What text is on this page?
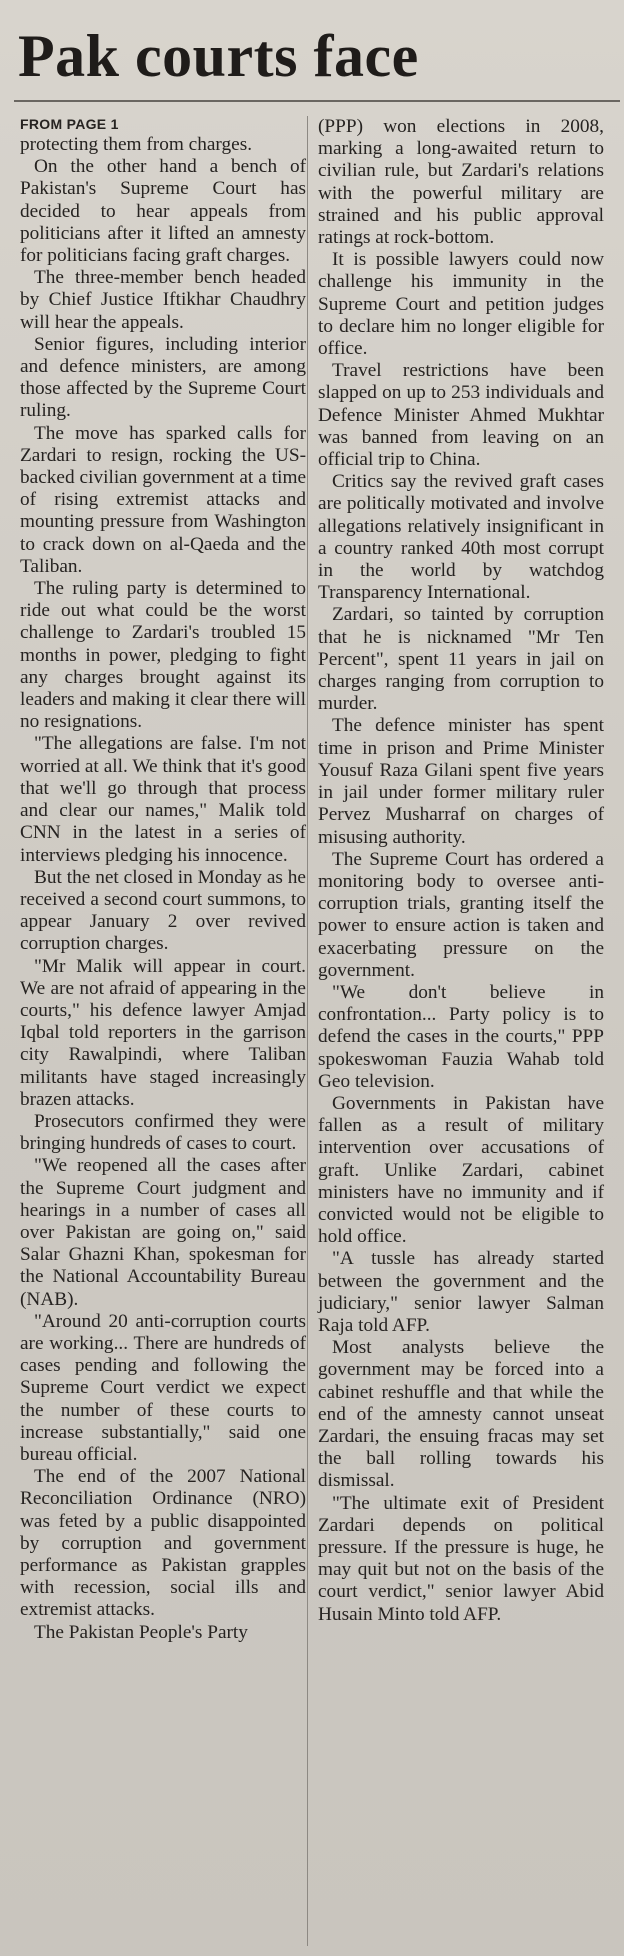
Pak courts face
FROM PAGE 1

protecting them from charges.

On the other hand a bench of Pakistan's Supreme Court has decided to hear appeals from politicians after it lifted an amnesty for politicians facing graft charges.

The three-member bench headed by Chief Justice Iftikhar Chaudhry will hear the appeals.

Senior figures, including interior and defence ministers, are among those affected by the Supreme Court ruling.

The move has sparked calls for Zardari to resign, rocking the US-backed civilian government at a time of rising extremist attacks and mounting pressure from Washington to crack down on al-Qaeda and the Taliban.

The ruling party is determined to ride out what could be the worst challenge to Zardari's troubled 15 months in power, pledging to fight any charges brought against its leaders and making it clear there will no resignations.

"The allegations are false. I'm not worried at all. We think that it's good that we'll go through that process and clear our names," Malik told CNN in the latest in a series of interviews pledging his innocence.

But the net closed in Monday as he received a second court summons, to appear January 2 over revived corruption charges.

"Mr Malik will appear in court. We are not afraid of appearing in the courts," his defence lawyer Amjad Iqbal told reporters in the garrison city Rawalpindi, where Taliban militants have staged increasingly brazen attacks.

Prosecutors confirmed they were bringing hundreds of cases to court.

"We reopened all the cases after the Supreme Court judgment and hearings in a number of cases all over Pakistan are going on," said Salar Ghazni Khan, spokesman for the National Accountability Bureau (NAB).

"Around 20 anti-corruption courts are working... There are hundreds of cases pending and following the Supreme Court verdict we expect the number of these courts to increase substantially," said one bureau official.

The end of the 2007 National Reconciliation Ordinance (NRO) was feted by a public disappointed by corruption and government performance as Pakistan grapples with recession, social ills and extremist attacks.

The Pakistan People's Party

(PPP) won elections in 2008, marking a long-awaited return to civilian rule, but Zardari's relations with the powerful military are strained and his public approval ratings at rock-bottom.

It is possible lawyers could now challenge his immunity in the Supreme Court and petition judges to declare him no longer eligible for office.

Travel restrictions have been slapped on up to 253 individuals and Defence Minister Ahmed Mukhtar was banned from leaving on an official trip to China.

Critics say the revived graft cases are politically motivated and involve allegations relatively insignificant in a country ranked 40th most corrupt in the world by watchdog Transparency International.

Zardari, so tainted by corruption that he is nicknamed "Mr Ten Percent", spent 11 years in jail on charges ranging from corruption to murder.

The defence minister has spent time in prison and Prime Minister Yousuf Raza Gilani spent five years in jail under former military ruler Pervez Musharraf on charges of misusing authority.

The Supreme Court has ordered a monitoring body to oversee anti-corruption trials, granting itself the power to ensure action is taken and exacerbating pressure on the government.

"We don't believe in confrontation... Party policy is to defend the cases in the courts," PPP spokeswoman Fauzia Wahab told Geo television.

Governments in Pakistan have fallen as a result of military intervention over accusations of graft. Unlike Zardari, cabinet ministers have no immunity and if convicted would not be eligible to hold office.

"A tussle has already started between the government and the judiciary," senior lawyer Salman Raja told AFP.

Most analysts believe the government may be forced into a cabinet reshuffle and that while the end of the amnesty cannot unseat Zardari, the ensuing fracas may set the ball rolling towards his dismissal.

"The ultimate exit of President Zardari depends on political pressure. If the pressure is huge, he may quit but not on the basis of the court verdict," senior lawyer Abid Husain Minto told AFP.
